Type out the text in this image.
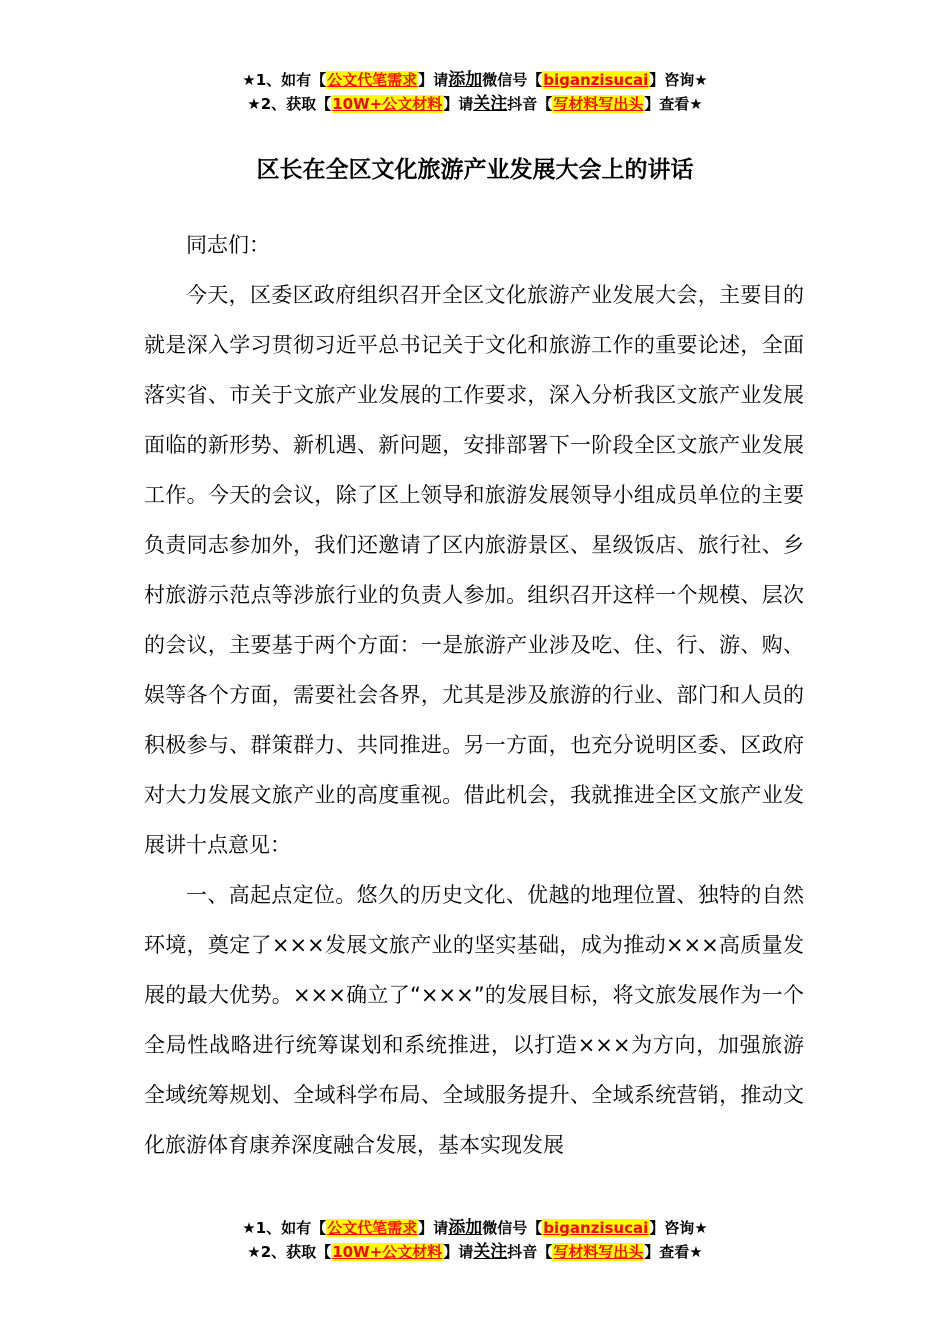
★1、如有【公文代笔需求】请添加微信号【biganzisucai】咨询★
★2、获取【10W+公文材料】请关注抖音【写材料写出头】查看★
区长在全区文化旅游产业发展大会上的讲话

同志们：

今天，区委区政府组织召开全区文化旅游产业发展大会，主要目的就是深入学习贯彻习近平总书记关于文化和旅游工作的重要论述，全面落实省、市关于文旅产业发展的工作要求，深入分析我区文旅产业发展面临的新形势、新机遇、新问题，安排部署下一阶段全区文旅产业发展工作。今天的会议，除了区上领导和旅游发展领导小组成员单位的主要负责同志参加外，我们还邀请了区内旅游景区、星级饭店、旅行社、乡村旅游示范点等涉旅行业的负责人参加。组织召开这样一个规模、层次的会议，主要基于两个方面：一是旅游产业涉及吃、住、行、游、购、娱等各个方面，需要社会各界，尤其是涉及旅游的行业、部门和人员的积极参与、群策群力、共同推进。另一方面，也充分说明区委、区政府对大力发展文旅产业的高度重视。借此机会，我就推进全区文旅产业发展讲十点意见：

一、高起点定位。悠久的历史文化、优越的地理位置、独特的自然环境，奠定了×××发展文旅产业的坚实基础，成为推动×××高质量发展的最大优势。×××确立了“×××”的发展目标，将文旅发展作为一个全局性战略进行统筹谋划和系统推进，以打造×××为方向，加强旅游全域统筹规划、全域科学布局、全域服务提升、全域系统营销，推动文化旅游体育康养深度融合发展，基本实现发展

★1、如有【公文代笔需求】请添加微信号【biganzisucai】咨询★
★2、获取【10W+公文材料】请关注抖音【写材料写出头】查看★
